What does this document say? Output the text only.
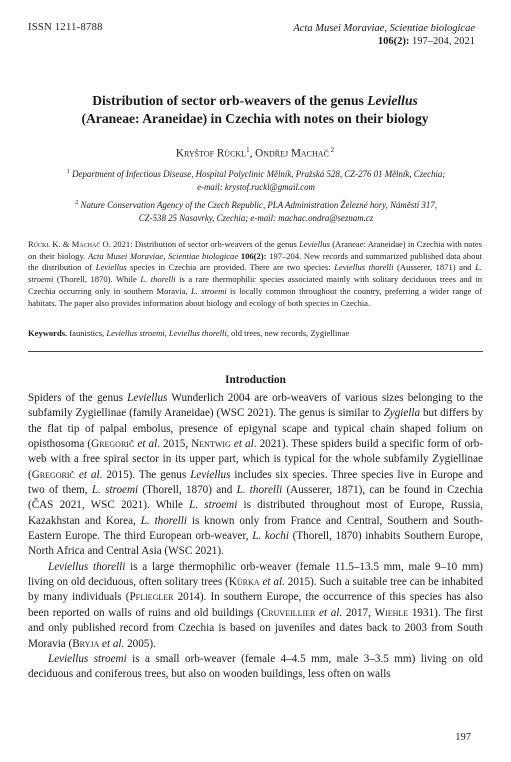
ISSN 1211-8788	Acta Musei Moraviae, Scientiae biologicae
106(2): 197–204, 2021
Distribution of sector orb-weavers of the genus Leviellus
(Araneae: Araneidae) in Czechia with notes on their biology
Kryštof Rückl$^1$, Ondřej Machač $^2$
$^1$ Department of Infectious Disease, Hospital Polyclinic Mělník, Pražská 528, CZ-276 01 Mělník, Czechia;
e-mail: krystof.ruckl@gmail.com
$^2$ Nature Conservation Agency of the Czech Republic, PLA Administration Železné hory, Náměstí 317,
CZ-538 25 Nasavrky, Czechia; e-mail: machac.ondra@seznam.cz
Rückl K. & Machač O. 2021: Distribution of sector orb-weavers of the genus Leviellus (Araneae: Araneidae) in Czechia with notes on their biology. Acta Musei Moraviae, Scientiae biologicae 106(2): 197–204. New records and summarized published data about the distribution of Leviellus species in Czechia are provided. There are two species: Leviellus thorelli (Ausserer, 1871) and L. stroemi (Thorell, 1870). While L. thorelli is a rare thermophilic species associated mainly with solitary deciduous trees and in Czechia occurring only in southern Moravia, L. stroemi is locally common throughout the country, preferring a wider range of habitats. The paper also provides information about biology and ecology of both species in Czechia.
Keywords. faunistics, Leviellus stroemi, Leviellus thorelli, old trees, new records, Zygiellinae
Introduction

Spiders of the genus Leviellus Wunderlich 2004 are orb-weavers of various sizes belonging to the subfamily Zygiellinae (family Araneidae) (WSC 2021). The genus is similar to Zygiella but differs by the flat tip of palpal embolus, presence of epigynal scape and typical chain shaped folium on opisthosoma (Gregorič et al. 2015, Nentwig et al. 2021). These spiders build a specific form of orb-web with a free spiral sector in its upper part, which is typical for the whole subfamily Zygiellinae (Gregorič et al. 2015). The genus Leviellus includes six species. Three species live in Europe and two of them, L. stroemi (Thorell, 1870) and L. thorelli (Ausserer, 1871), can be found in Czechia (ČAS 2021, WSC 2021). While L. stroemi is distributed throughout most of Europe, Russia, Kazakhstan and Korea, L. thorelli is known only from France and Central, Southern and South-Eastern Europe. The third European orb-weaver, L. kochi (Thorell, 1870) inhabits Southern Europe, North Africa and Central Asia (WSC 2021).

Leviellus thorelli is a large thermophilic orb-weaver (female 11.5–13.5 mm, male 9–10 mm) living on old deciduous, often solitary trees (Kůrka et al. 2015). Such a suitable tree can be inhabited by many individuals (Pfliegler 2014). In southern Europe, the occurrence of this species has also been reported on walls of ruins and old buildings (Cruveillier et al. 2017, Wiehle 1931). The first and only published record from Czechia is based on juveniles and dates back to 2003 from South Moravia (Bryja et al. 2005).

Leviellus stroemi is a small orb-weaver (female 4–4.5 mm, male 3–3.5 mm) living on old deciduous and coniferous trees, but also on wooden buildings, less often on walls

197
